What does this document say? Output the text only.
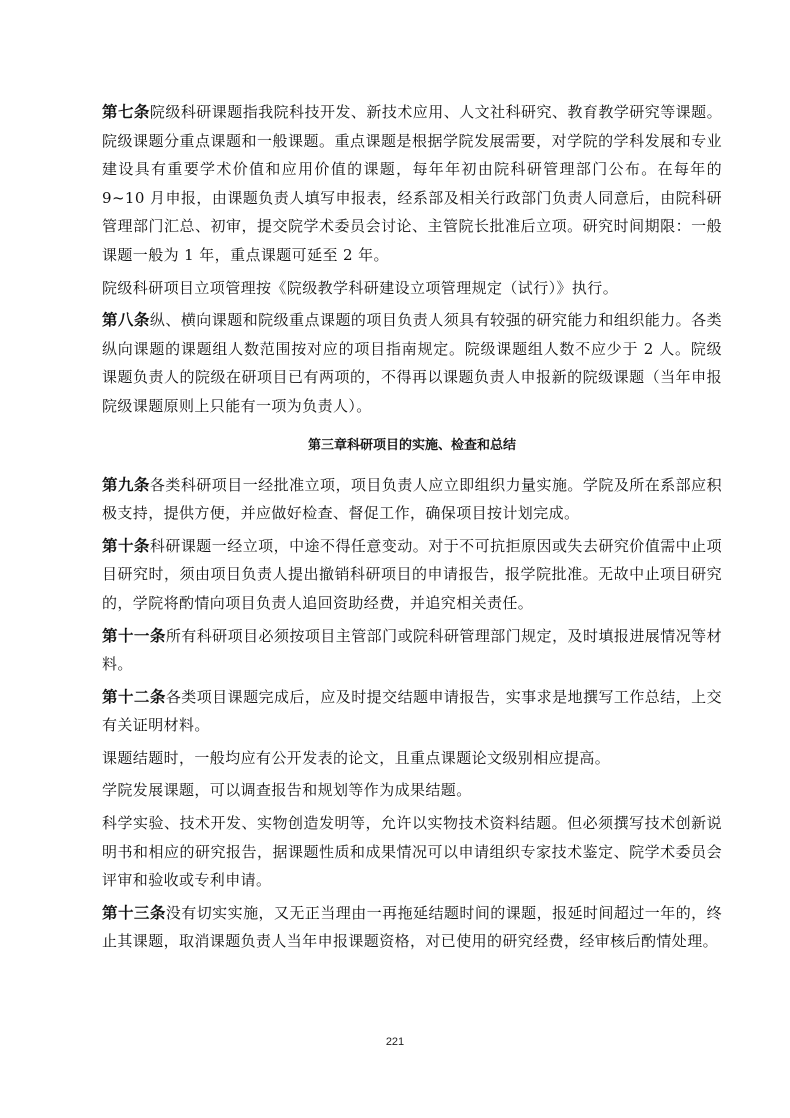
第七条院级科研课题指我院科技开发、新技术应用、人文社科研究、教育教学研究等课题。院级课题分重点课题和一般课题。重点课题是根据学院发展需要，对学院的学科发展和专业建设具有重要学术价值和应用价值的课题，每年年初由院科研管理部门公布。在每年的 9~10 月申报，由课题负责人填写申报表，经系部及相关行政部门负责人同意后，由院科研管理部门汇总、初审，提交院学术委员会讨论、主管院长批准后立项。研究时间期限：一般课题一般为 1 年，重点课题可延至 2 年。

院级科研项目立项管理按《院级教学科研建设立项管理规定（试行）》执行。

第八条纵、横向课题和院级重点课题的项目负责人须具有较强的研究能力和组织能力。各类纵向课题的课题组人数范围按对应的项目指南规定。院级课题组人数不应少于 2 人。院级课题负责人的院级在研项目已有两项的，不得再以课题负责人申报新的院级课题（当年申报院级课题原则上只能有一项为负责人）。

第三章科研项目的实施、检查和总结

第九条各类科研项目一经批准立项，项目负责人应立即组织力量实施。学院及所在系部应积极支持，提供方便，并应做好检查、督促工作，确保项目按计划完成。

第十条科研课题一经立项，中途不得任意变动。对于不可抗拒原因或失去研究价值需中止项目研究时，须由项目负责人提出撤销科研项目的申请报告，报学院批准。无故中止项目研究的，学院将酌情向项目负责人追回资助经费，并追究相关责任。

第十一条所有科研项目必须按项目主管部门或院科研管理部门规定，及时填报进展情况等材料。

第十二条各类项目课题完成后，应及时提交结题申请报告，实事求是地撰写工作总结，上交有关证明材料。

课题结题时，一般均应有公开发表的论文，且重点课题论文级别相应提高。

学院发展课题，可以调查报告和规划等作为成果结题。

科学实验、技术开发、实物创造发明等，允许以实物技术资料结题。但必须撰写技术创新说明书和相应的研究报告，据课题性质和成果情况可以申请组织专家技术鉴定、院学术委员会评审和验收或专利申请。

第十三条没有切实实施，又无正当理由一再拖延结题时间的课题，报延时间超过一年的，终止其课题，取消课题负责人当年申报课题资格，对已使用的研究经费，经审核后酌情处理。

221
